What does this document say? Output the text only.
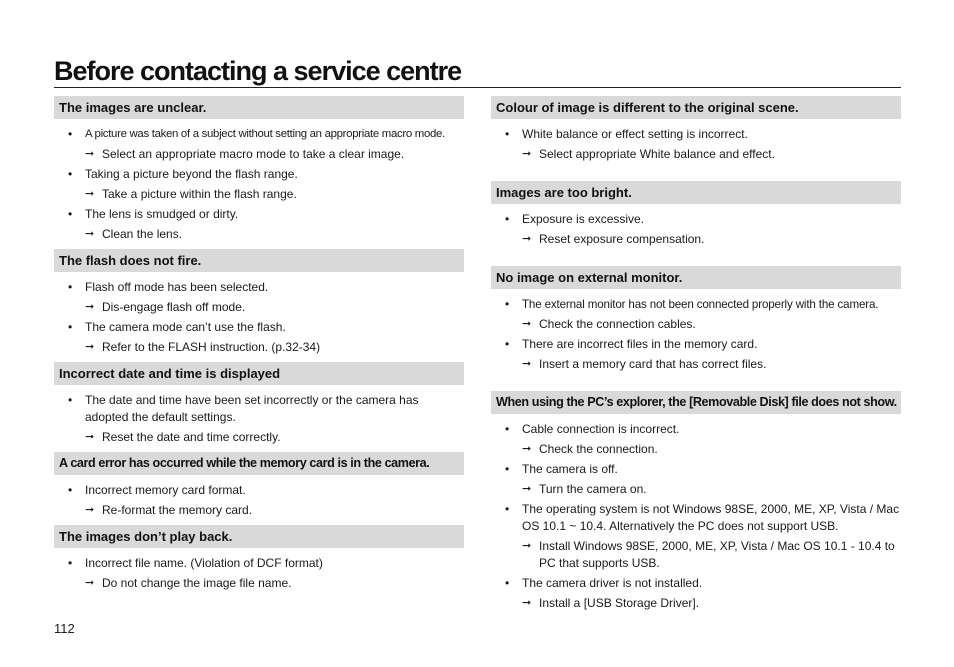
Before contacting a service centre
The images are unclear.
• A picture was taken of a subject without setting an appropriate macro mode.
➞ Select an appropriate macro mode to take a clear image.
• Taking a picture beyond the flash range.
➞ Take a picture within the flash range.
• The lens is smudged or dirty.
➞ Clean the lens.
The flash does not fire.
• Flash off mode has been selected.
➞ Dis-engage flash off mode.
• The camera mode can’t use the flash.
➞ Refer to the FLASH instruction. (p.32-34)
Incorrect date and time is displayed
• The date and time have been set incorrectly or the camera has adopted the default settings.
➞ Reset the date and time correctly.
A card error has occurred while the memory card is in the camera.
• Incorrect memory card format.
➞ Re-format the memory card.
The images don’t play back.
• Incorrect file name. (Violation of DCF format)
➞ Do not change the image file name.
Colour of image is different to the original scene.
• White balance or effect setting is incorrect.
➞ Select appropriate White balance and effect.
Images are too bright.
• Exposure is excessive.
➞ Reset exposure compensation.
No image on external monitor.
• The external monitor has not been connected properly with the camera.
➞ Check the connection cables.
• There are incorrect files in the memory card.
➞ Insert a memory card that has correct files.
When using the PC’s explorer, the [Removable Disk] file does not show.
• Cable connection is incorrect.
➞ Check the connection.
• The camera is off.
➞ Turn the camera on.
• The operating system is not Windows 98SE, 2000, ME, XP, Vista / Mac OS 10.1 ~ 10.4. Alternatively the PC does not support USB.
➞ Install Windows 98SE, 2000, ME, XP, Vista / Mac OS 10.1 - 10.4 to PC that supports USB.
• The camera driver is not installed.
➞ Install a [USB Storage Driver].
112
